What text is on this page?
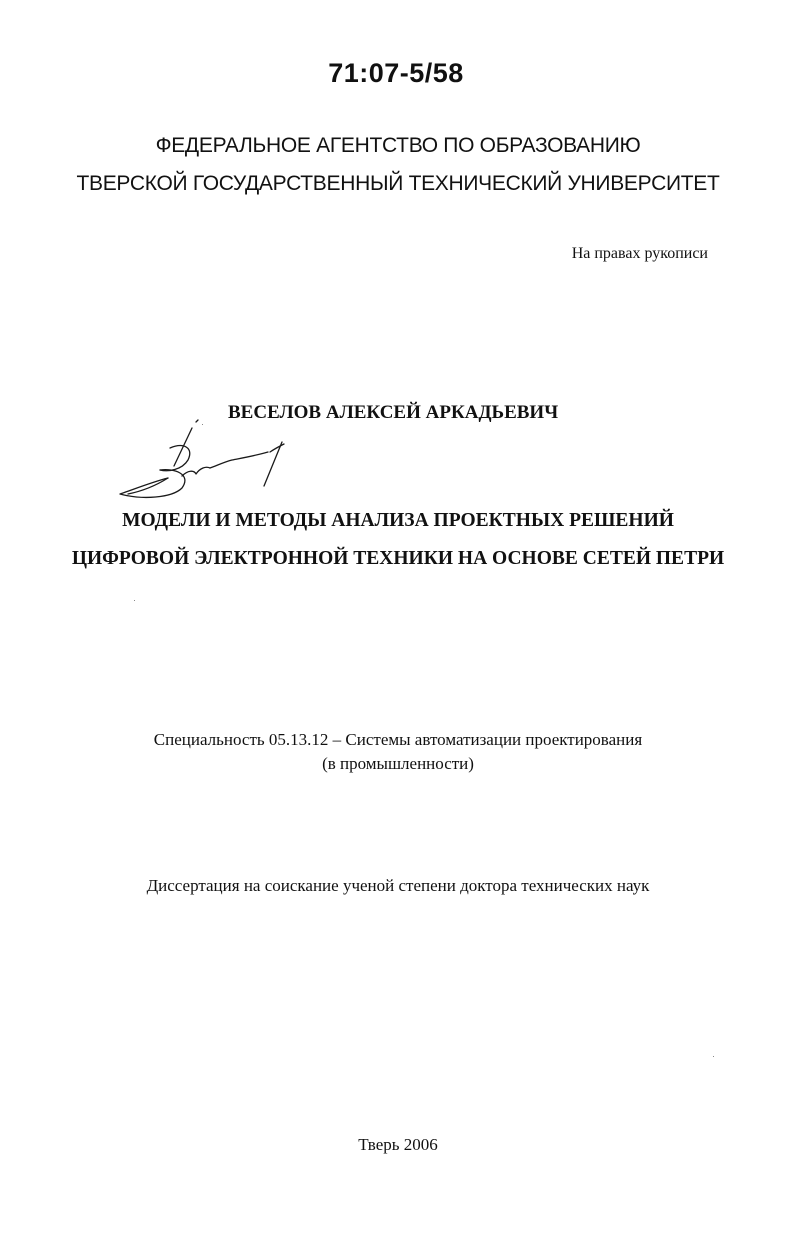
71:07-5/58
ФЕДЕРАЛЬНОЕ АГЕНТСТВО ПО ОБРАЗОВАНИЮ
ТВЕРСКОЙ ГОСУДАРСТВЕННЫЙ ТЕХНИЧЕСКИЙ УНИВЕРСИТЕТ
На правах рукописи
ВЕСЕЛОВ АЛЕКСЕЙ АРКАДЬЕВИЧ
МОДЕЛИ И МЕТОДЫ АНАЛИЗА ПРОЕКТНЫХ РЕШЕНИЙ
ЦИФРОВОЙ ЭЛЕКТРОННОЙ ТЕХНИКИ НА ОСНОВЕ СЕТЕЙ ПЕТРИ
Специальность 05.13.12 – Системы автоматизации проектирования
(в промышленности)
Диссертация на соискание ученой степени доктора технических наук
Тверь 2006
